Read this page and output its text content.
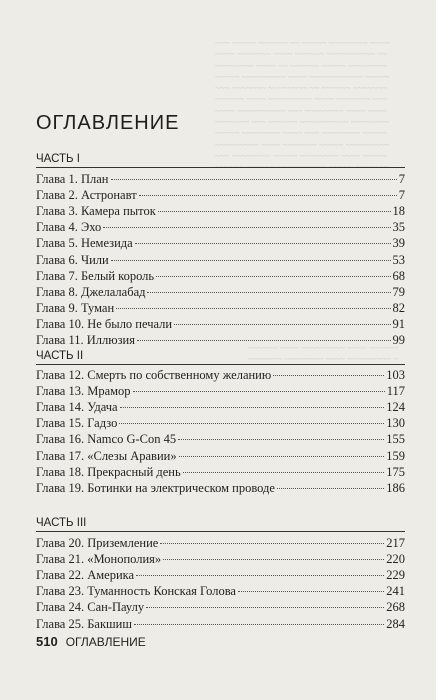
~~~ ~~~~~ ~~~~~~ ~~ ~~~~~ ~~~~~~~~ ~~~~
~~~~ ~~~~~~~ ~~~~ ~~~~~~ ~~~~~~~~~~ ~~
~~~~~~~~ ~~~~ ~~ ~~~~~~ ~~~~~ ~~~~~~~~
~~~~~ ~~~~~~~~~ ~~~~ ~~~~~~~~~~~ ~~~~~
~~~ ~~~~~~~ ~~~~~~~~ ~~ ~~~~~~ ~~~~~~~
~~~~~~ ~~~~ ~~~~~~~~~ ~~~~ ~~~~~~~ ~~~
~~~~ ~~~~~~~~~~ ~~~ ~~~~~~~~ ~~~~ ~~~~
~~~~~~~ ~~~ ~~~~~~ ~~~~~~~~~~ ~~~~~~~~
~~~~~ ~~~~~~~~ ~~~~ ~~~ ~~~~~~~~ ~~~~~
~~~~~~~~~ ~~~~ ~~~~~~~ ~~~~~ ~~~~~~~~~
~~~ ~~~~~~~~ ~~~~~ ~~~~~~~~ ~~~~ ~~~~~
~~~~~~ ~~~~~~ ~~~~~~~~~~ ~~~~~ ~~~~~~~
~~~~~~ ~~~~ ~~~~~~~~~ ~~~~ ~~~~~~
~~~~~~~ ~~~~~~~~ ~~~~ ~~~~~~~~~ ~
ОГЛАВЛЕНИЕ
ЧАСТЬ I
Глава 1. План	7
Глава 2. Астронавт	7
Глава 3. Камера пыток	18
Глава 4. Эхо	35
Глава 5. Немезида	39
Глава 6. Чили	53
Глава 7. Белый король	68
Глава 8. Джелалабад	79
Глава 9. Туман	82
Глава 10. Не было печали	91
Глава 11. Иллюзия	99
ЧАСТЬ II
Глава 12. Смерть по собственному желанию	103
Глава 13. Мрамор	117
Глава 14. Удача	124
Глава 15. Гадзо	130
Глава 16. Namco G-Con 45	155
Глава 17. «Слезы Аравии»	159
Глава 18. Прекрасный день	175
Глава 19. Ботинки на электрическом проводе	186
ЧАСТЬ III
Глава 20. Приземление	217
Глава 21. «Монополия»	220
Глава 22. Америка	229
Глава 23. Туманность Конская Голова	241
Глава 24. Сан-Паулу	268
Глава 25. Бакшиш	284
510 ОГЛАВЛЕНИЕ
